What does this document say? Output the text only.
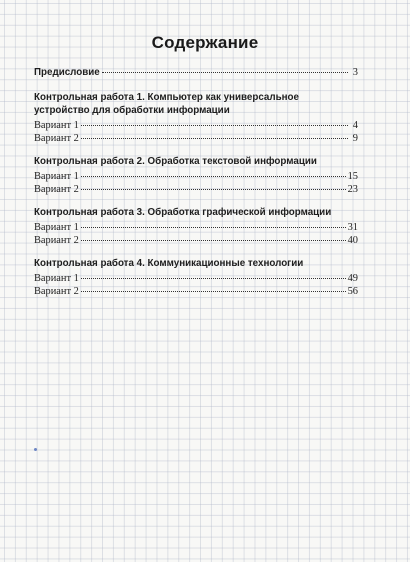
Содержание
Предисловие	3
Контрольная работа 1. Компьютер как универсальное
устройство для обработки информации
Вариант 1	4
Вариант 2	9
Контрольная работа 2. Обработка текстовой информации
Вариант 1	15
Вариант 2	23
Контрольная работа 3. Обработка графической информации
Вариант 1	31
Вариант 2	40
Контрольная работа 4. Коммуникационные технологии
Вариант 1	49
Вариант 2	56
